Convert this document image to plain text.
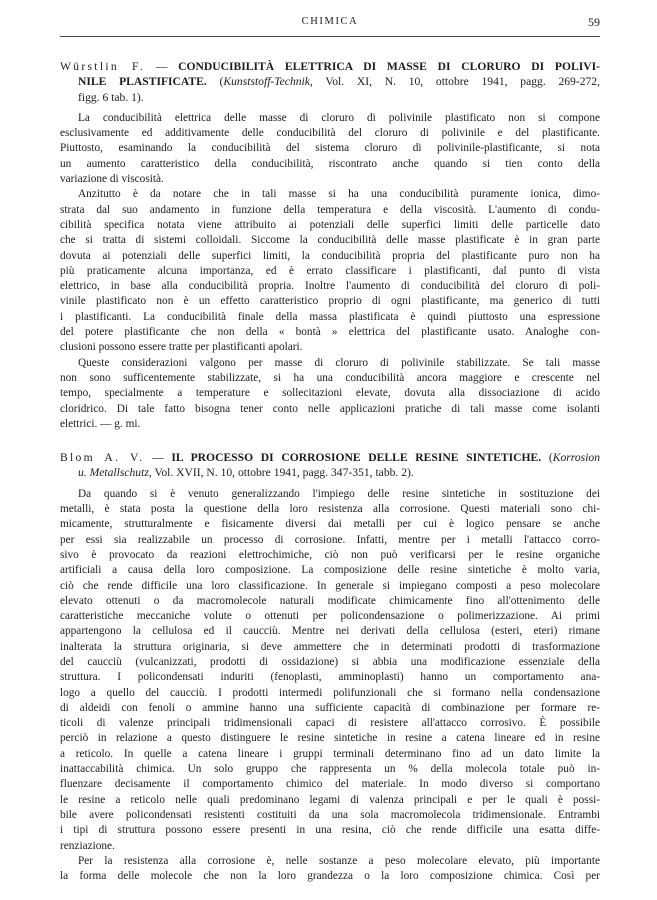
CHIMICA	59
Würstlin F. — CONDUCIBILITÀ ELETTRICA DI MASSE DI CLORURO DI POLIVI-
NILE PLASTIFICATE. (Kunststoff-Technik, Vol. XI, N. 10, ottobre 1941, pagg. 269-272,
figg. 6 tab. 1).
La conducibilità elettrica delle masse di cloruro di polivinile plastificato non si compone
esclusivamente ed additivamente delle conducibilità del cloruro di polivinile e del plastificante.
Piuttosto, esaminando la conducibilità del sistema cloruro di polivinile-plastificante, si nota
un aumento caratteristico della conducibilità, riscontrato anche quando si tien conto della
variazione di viscosità.
Anzitutto è da notare che in tali masse si ha una conducibilità puramente ionica, dimo-
strata dal suo andamento in funzione della temperatura e della viscosità. L'aumento di condu-
cibilità specifica notata viene attribuito ai potenziali delle superfici limiti delle particelle dato
che si tratta di sistemi colloidali. Siccome la conducibilità delle masse plastificate è in gran parte
dovuta ai potenziali delle superfici limiti, la conducibilità propria del plastificante puro non ha
più praticamente alcuna importanza, ed è errato classificare i plastificanti, dal punto di vista
elettrico, in base alla conducibilità propria. Inoltre l'aumento di conducibilità del cloruro di poli-
vinile plastificato non è un effetto caratteristico proprio di ogni plastificante, ma generico di tutti
i plastificanti. La conducibilità finale della massa plastificata è quindi piuttosto una espressione
del potere plastificante che non della « bontà » elettrica del plastificante usato. Analoghe con-
clusioni possono essere tratte per plastificanti apolari.
Queste considerazioni valgono per masse di cloruro di polivinile stabilizzate. Se tali masse
non sono sufficentemente stabilizzate, si ha una conducibilità ancora maggiore e crescente nel
tempo, specialmente a temperature e sollecitazioni elevate, dovuta alla dissociazione di acido
cloridrico. Di tale fatto bisogna tener conto nelle applicazioni pratiche di tali masse come isolanti
elettrici. — g. mi.
Blom A. V. — IL PROCESSO DI CORROSIONE DELLE RESINE SINTETICHE. (Korrosion
u. Metallschutz, Vol. XVII, N. 10, ottobre 1941, pagg. 347-351, tabb. 2).
Da quando si è venuto generalizzando l'impiego delle resine sintetiche in sostituzione dei
metalli, è stata posta la questione della loro resistenza alla corrosione. Questi materiali sono chi-
micamente, strutturalmente e fisicamente diversi dai metalli per cui è logico pensare se anche
per essi sia realizzabile un processo di corrosione. Infatti, mentre per i metalli l'attacco corro-
sivo è provocato da reazioni elettrochimiche, ciò non può verificarsi per le resine organiche
artificiali a causa della loro composizione. La composizione delle resine sintetiche è molto varia,
ciò che rende difficile una loro classificazione. In generale si impiegano composti a peso molecolare
elevato ottenuti o da macromolecole naturali modificate chimicamente fino all'ottenimento delle
caratteristiche meccaniche volute o ottenuti per policondensazione o polimerizzazione. Ai primi
appartengono la cellulosa ed il caucciù. Mentre nei derivati della cellulosa (esteri, eteri) rimane
inalterata la struttura originaria, si deve ammettere che in determinati prodotti di trasformazione
del caucciù (vulcanizzati, prodotti di ossidazione) si abbia una modificazione essenziale della
struttura. I policondensati induriti (fenoplasti, amminoplasti) hanno un comportamento ana-
logo a quello del caucciù. I prodotti intermedi polifunzionali che si formano nella condensazione
di aldeidi con fenoli o ammine hanno una sufficiente capacità di combinazione per formare re-
ticoli di valenze principali tridimensionali capaci di resistere all'attacco corrosivo. È possibile
perciò in relazione a questo distinguere le resine sintetiche in resine a catena lineare ed in resine
a reticolo. In quelle a catena lineare i gruppi terminali determinano fino ad un dato limite la
inattaccabilità chimica. Un solo gruppo che rappresenta un % della molecola totale può in-
fluenzare decisamente il comportamento chimico del materiale. In modo diverso si comportano
le resine a reticolo nelle quali predominano legami di valenza principali e per le quali è possi-
bile avere policondensati resistenti costituiti da una sola macromolecola tridimensionale. Entrambi
i tipi di struttura possono essere presenti in una resina, ciò che rende difficile una esatta diffe-
renziazione.
Per la resistenza alla corrosione è, nelle sostanze a peso molecolare elevato, più importante
la forma delle molecole che non la loro grandezza o la loro composizione chimica. Così per
